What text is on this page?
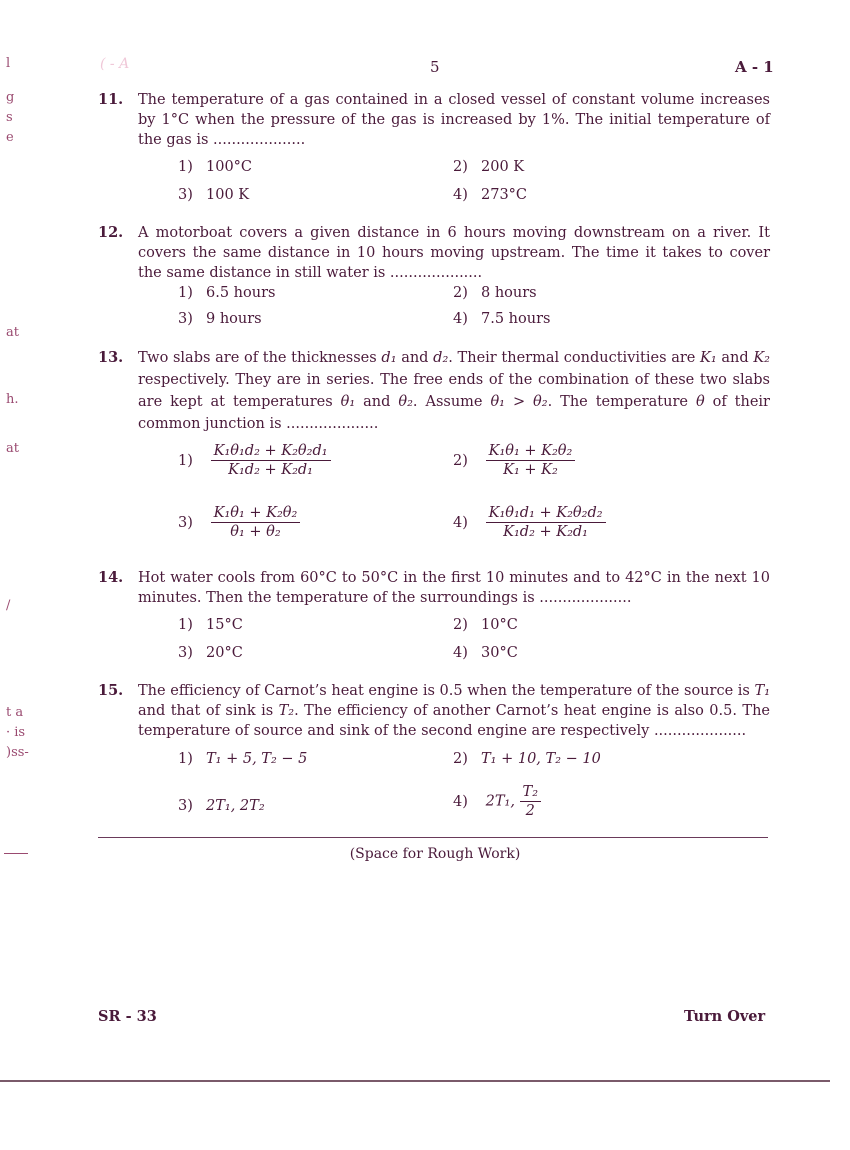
l
g
s
e
at
h.
at
/
t a
· is
)ss-
( - A	5	A - 1
11.	The temperature of a gas contained in a closed vessel of constant volume increases by 1°C when the pressure of the gas is increased by 1%. The initial temperature of the gas is ....................
1) 100°C	2) 200 K
3) 100 K	4) 273°C
12.	A motorboat covers a given distance in 6 hours moving downstream on a river. It covers the same distance in 10 hours moving upstream. The time it takes to cover the same distance in still water is ....................
1) 6.5 hours	2) 8 hours
3) 9 hours	4) 7.5 hours
13.	Two slabs are of the thicknesses d₁ and d₂. Their thermal conductivities are K₁ and K₂ respectively. They are in series. The free ends of the combination of these two slabs are kept at temperatures θ₁ and θ₂. Assume θ₁ > θ₂. The temperature θ of their common junction is ....................
$1) \frac{\text{K₁θ₁d₂ + K₂θ₂d₁}}{\text{K₁d₂ + K₂d₁}}$	$2) \frac{\text{K₁θ₁ + K₂θ₂}}{\text{K₁ + K₂}}$
$3) \frac{\text{K₁θ₁ + K₂θ₂}}{\text{θ₁ + θ₂}}$	$4) \frac{\text{K₁θ₁d₁ + K₂θ₂d₂}}{\text{K₁d₂ + K₂d₁}}$
14.	Hot water cools from 60°C to 50°C in the first 10 minutes and to 42°C in the next 10 minutes. Then the temperature of the surroundings is ....................
1) 15°C	2) 10°C
3) 20°C	4) 30°C
15.	The efficiency of Carnot’s heat engine is 0.5 when the temperature of the source is T₁ and that of sink is T₂. The efficiency of another Carnot’s heat engine is also 0.5. The temperature of source and sink of the second engine are respectively ....................
1) T₁ + 5, T₂ − 5	2) T₁ + 10, T₂ − 10
3) 2T₁, 2T₂	4) 2T₁, $\frac{\text{T₂}}{2}$
(Space for Rough Work)
SR - 33	Turn Over
